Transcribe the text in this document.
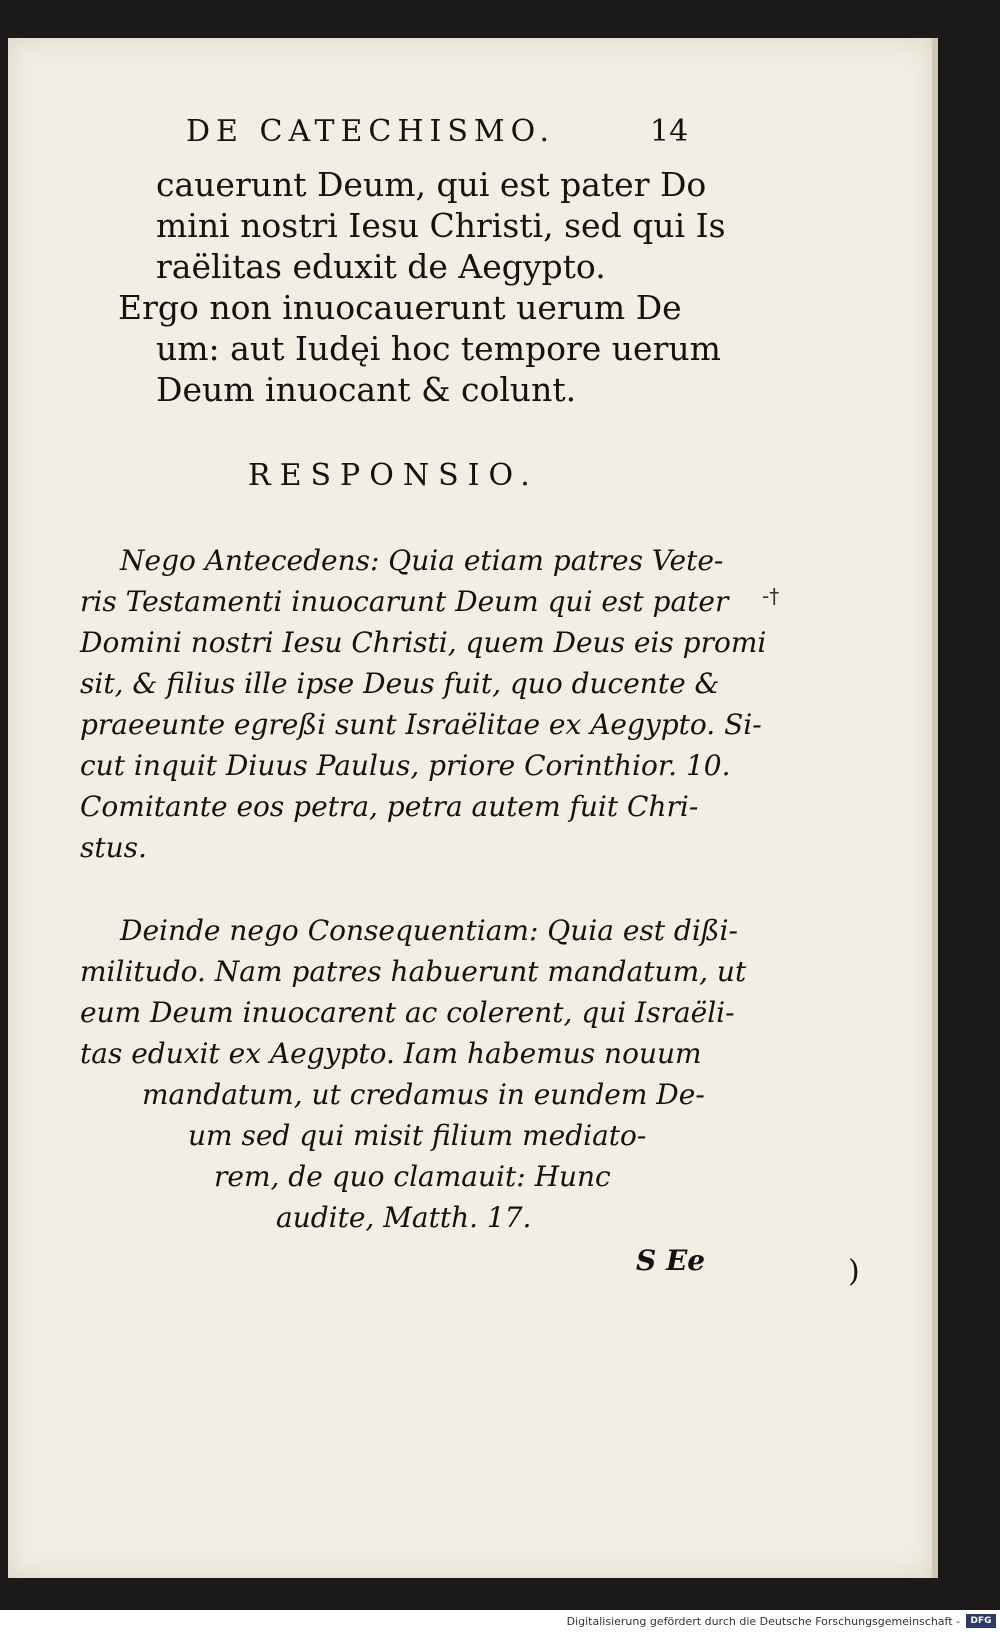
DE CATECHISMO.	14
cauerunt Deum, qui est pater Do
mini nostri Iesu Christi, sed qui Is
raëlitas eduxit de Aegypto.
Ergo non inuocauerunt uerum De
um: aut Iudęi hoc tempore uerum
Deum inuocant & colunt.
RESPONSIO.
Nego Antecedens: Quia etiam patres Vete-
ris Testamenti inuocarunt Deum qui est pater
Domini nostri Iesu Christi, quem Deus eis promi
sit, & filius ille ipse Deus fuit, quo ducente &
praeeunte egreßi sunt Israëlitae ex Aegypto. Si-
cut inquit Diuus Paulus, priore Corinthior. 10.
Comitante eos petra, petra autem fuit Chri-
stus.
Deinde nego Consequentiam: Quia est dißi-
militudo. Nam patres habuerunt mandatum, ut
eum Deum inuocarent ac colerent, qui Israëli-
tas eduxit ex Aegypto. Iam habemus nouum
mandatum, ut credamus in eundem De-
um sed qui misit filium mediato-
rem, de quo clamauit: Hunc
audite, Matth. 17.
S Ee
-†
)
Digitalisierung gefördert durch die Deutsche Forschungsgemeinschaft -	DFG
